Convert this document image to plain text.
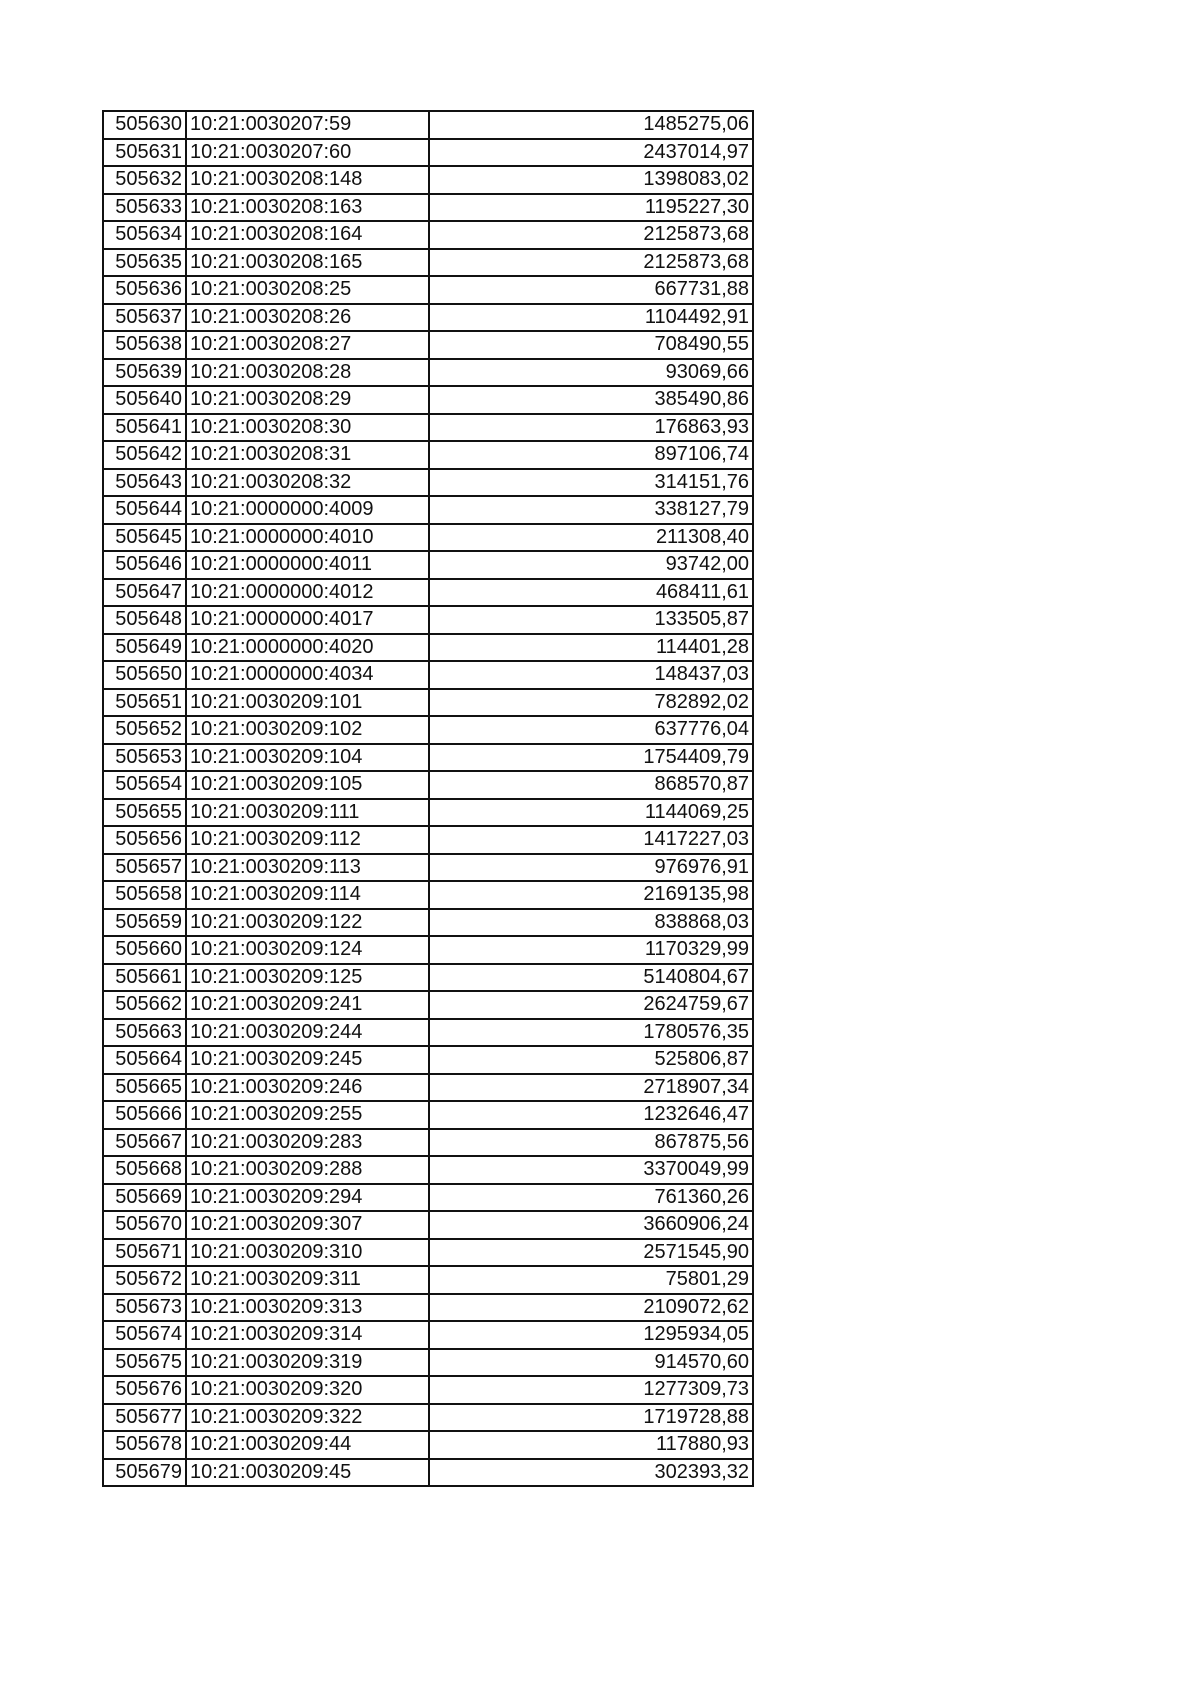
505630	10:21:0030207:59	1485275,06
505631	10:21:0030207:60	2437014,97
505632	10:21:0030208:148	1398083,02
505633	10:21:0030208:163	1195227,30
505634	10:21:0030208:164	2125873,68
505635	10:21:0030208:165	2125873,68
505636	10:21:0030208:25	667731,88
505637	10:21:0030208:26	1104492,91
505638	10:21:0030208:27	708490,55
505639	10:21:0030208:28	93069,66
505640	10:21:0030208:29	385490,86
505641	10:21:0030208:30	176863,93
505642	10:21:0030208:31	897106,74
505643	10:21:0030208:32	314151,76
505644	10:21:0000000:4009	338127,79
505645	10:21:0000000:4010	211308,40
505646	10:21:0000000:4011	93742,00
505647	10:21:0000000:4012	468411,61
505648	10:21:0000000:4017	133505,87
505649	10:21:0000000:4020	114401,28
505650	10:21:0000000:4034	148437,03
505651	10:21:0030209:101	782892,02
505652	10:21:0030209:102	637776,04
505653	10:21:0030209:104	1754409,79
505654	10:21:0030209:105	868570,87
505655	10:21:0030209:111	1144069,25
505656	10:21:0030209:112	1417227,03
505657	10:21:0030209:113	976976,91
505658	10:21:0030209:114	2169135,98
505659	10:21:0030209:122	838868,03
505660	10:21:0030209:124	1170329,99
505661	10:21:0030209:125	5140804,67
505662	10:21:0030209:241	2624759,67
505663	10:21:0030209:244	1780576,35
505664	10:21:0030209:245	525806,87
505665	10:21:0030209:246	2718907,34
505666	10:21:0030209:255	1232646,47
505667	10:21:0030209:283	867875,56
505668	10:21:0030209:288	3370049,99
505669	10:21:0030209:294	761360,26
505670	10:21:0030209:307	3660906,24
505671	10:21:0030209:310	2571545,90
505672	10:21:0030209:311	75801,29
505673	10:21:0030209:313	2109072,62
505674	10:21:0030209:314	1295934,05
505675	10:21:0030209:319	914570,60
505676	10:21:0030209:320	1277309,73
505677	10:21:0030209:322	1719728,88
505678	10:21:0030209:44	117880,93
505679	10:21:0030209:45	302393,32
